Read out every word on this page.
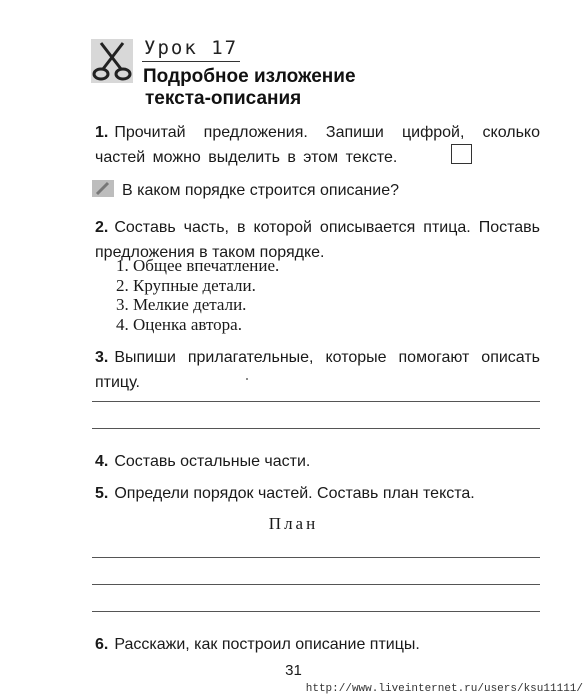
Урок 17
Подробное изложение
текста-описания
1. Прочитай предложения. Запиши цифрой, сколько частей можно выделить в этом тексте.
В каком порядке строится описание?
2. Составь часть, в которой описывается птица. Поставь предложения в таком порядке.
1. Общее впечатление.
2. Крупные детали.
3. Мелкие детали.
4. Оценка автора.
3. Выпиши прилагательные, которые помогают описать птицу.
4. Составь остальные части.
5. Определи порядок частей. Составь план текста.
План
6. Расскажи, как построил описание птицы.
31
http://www.liveinternet.ru/users/ksu11111/
